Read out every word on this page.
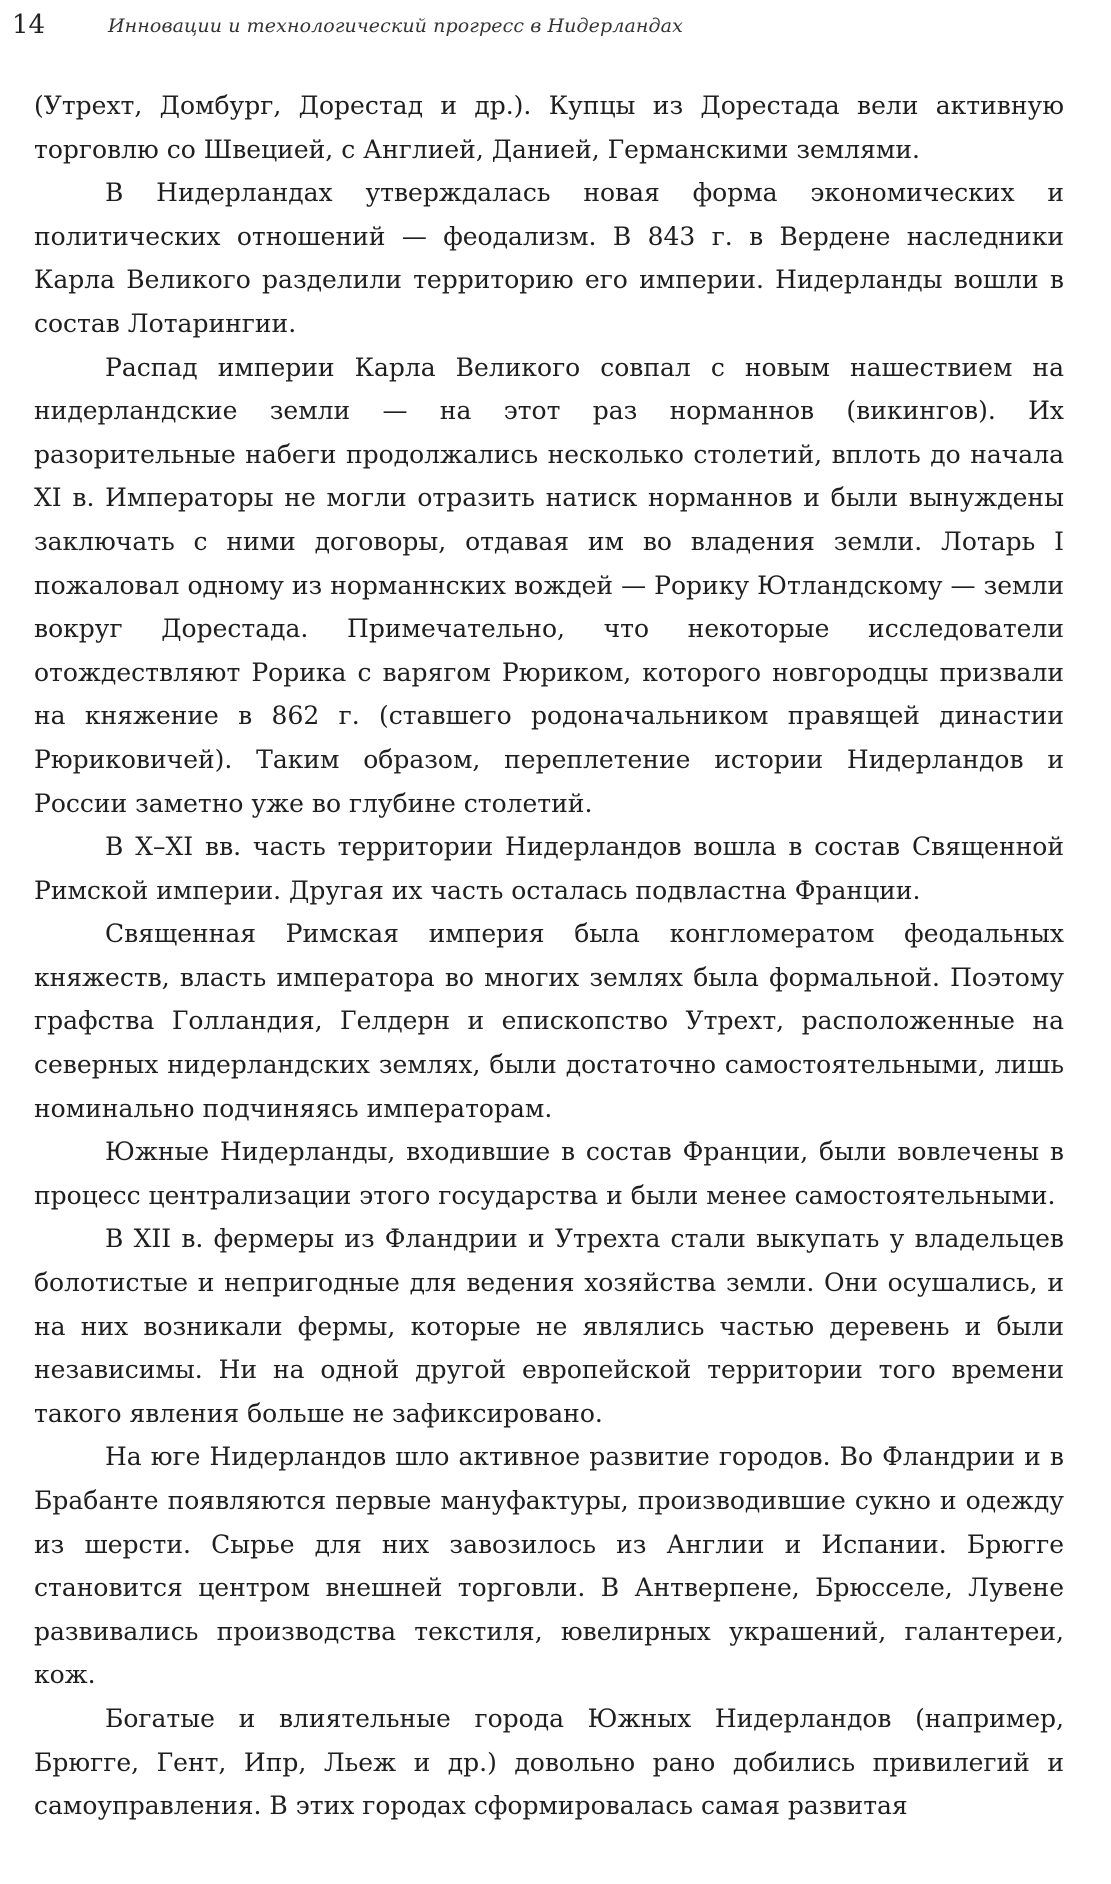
14	Инновации и технологический прогресс в Нидерландах

(Утрехт, Домбург, Дорестад и др.). Купцы из Дорестада вели активную торговлю со Швецией, с Англией, Данией, Германскими землями.

В Нидерландах утверждалась новая форма экономических и политических отношений — феодализм. В 843 г. в Вердене наследники Карла Великого разделили территорию его империи. Нидерланды вошли в состав Лотарингии.

Распад империи Карла Великого совпал с новым нашествием на нидерландские земли — на этот раз норманнов (викингов). Их разорительные набеги продолжались несколько столетий, вплоть до начала XI в. Императоры не могли отразить натиск норманнов и были вынуждены заключать с ними договоры, отдавая им во владения земли. Лотарь I пожаловал одному из норманнских вождей — Рорику Ютландскому — земли вокруг Дорестада. Примечательно, что некоторые исследователи отождествляют Рорика с варягом Рюриком, которого новгородцы призвали на княжение в 862 г. (ставшего родоначальником правящей династии Рюриковичей). Таким образом, переплетение истории Нидерландов и России заметно уже во глубине столетий.

В X–XI вв. часть территории Нидерландов вошла в состав Священной Римской империи. Другая их часть осталась подвластна Франции.

Священная Римская империя была конгломератом феодальных княжеств, власть императора во многих землях была формальной. Поэтому графства Голландия, Гелдерн и епископство Утрехт, расположенные на северных нидерландских землях, были достаточно самостоятельными, лишь номинально подчиняясь императорам.

Южные Нидерланды, входившие в состав Франции, были вовлечены в процесс централизации этого государства и были менее самостоятельными.

В XII в. фермеры из Фландрии и Утрехта стали выкупать у владельцев болотистые и непригодные для ведения хозяйства земли. Они осушались, и на них возникали фермы, которые не являлись частью деревень и были независимы. Ни на одной другой европейской территории того времени такого явления больше не зафиксировано.

На юге Нидерландов шло активное развитие городов. Во Фландрии и в Брабанте появляются первые мануфактуры, производившие сукно и одежду из шерсти. Сырье для них завозилось из Англии и Испании. Брюгге становится центром внешней торговли. В Антверпене, Брюсселе, Лувене развивались производства текстиля, ювелирных украшений, галантереи, кож.

Богатые и влиятельные города Южных Нидерландов (например, Брюгге, Гент, Ипр, Льеж и др.) довольно рано добились привилегий и самоуправления. В этих городах сформировалась самая развитая
